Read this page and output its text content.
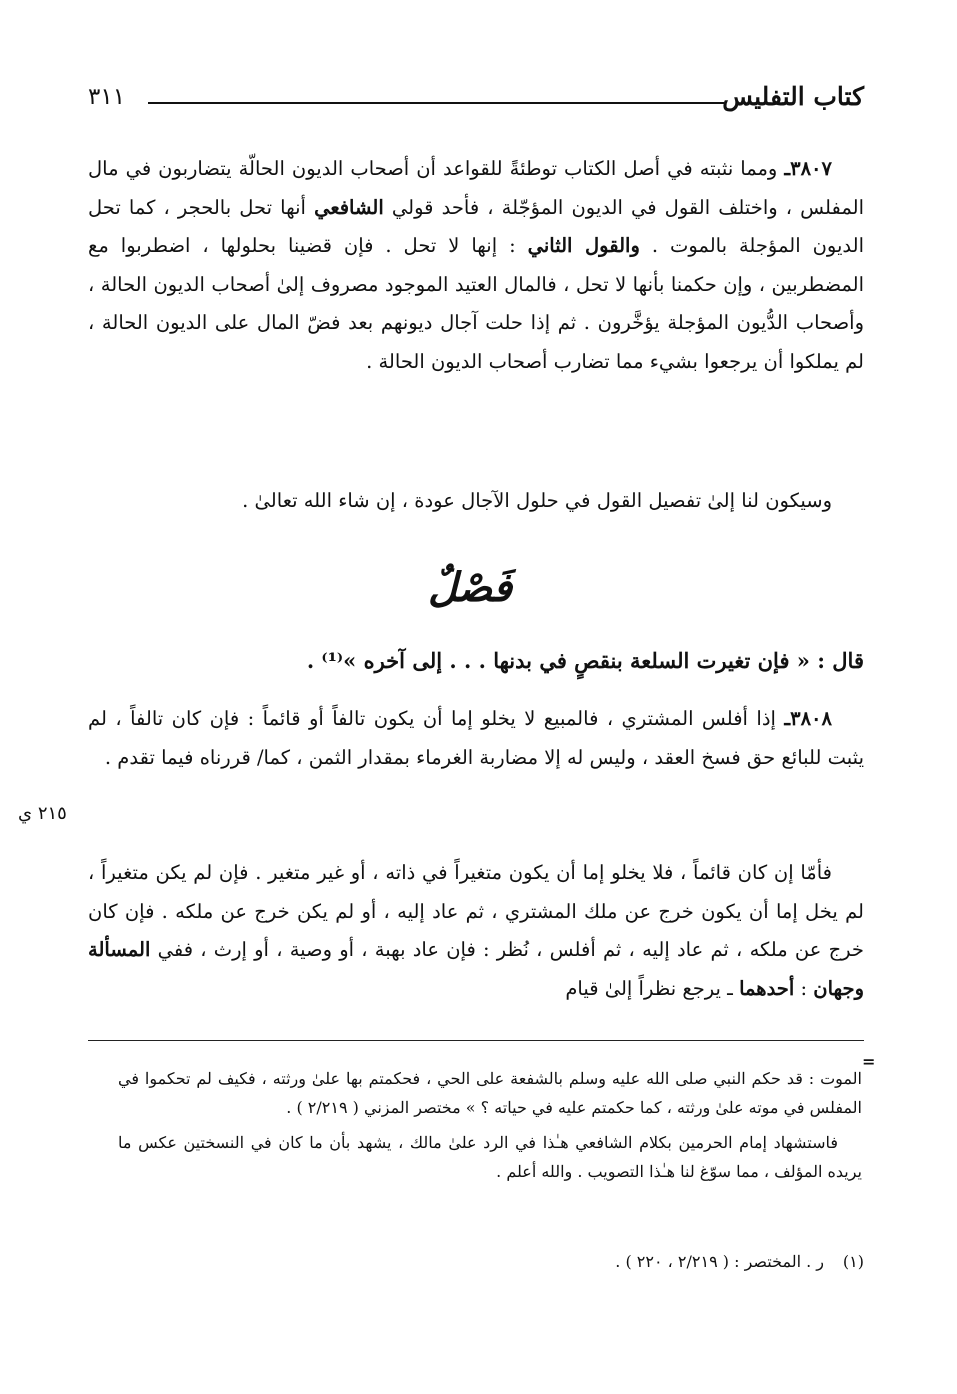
كتاب التفليس
٣١١

٣٨٠٧ـ ومما نثبته في أصل الكتاب توطئةً للقواعد أن أصحاب الديون الحالّة يتضاربون في مال المفلس ، واختلف القول في الديون المؤجّلة ، فأحد قولي الشافعي أنها تحل بالحجر ، كما تحل الديون المؤجلة بالموت . والقول الثاني : إنها لا تحل . فإن قضينا بحلولها ، اضطربوا مع المضطربين ، وإن حكمنا بأنها لا تحل ، فالمال العتيد الموجود مصروف إلىٰ أصحاب الديون الحالة ، وأصحاب الدُّيون المؤجلة يؤخَّرون . ثم إذا حلت آجال ديونهم بعد فضّ المال على الديون الحالة ، لم يملكوا أن يرجعوا بشيء مما تضارب أصحاب الديون الحالة .

وسيكون لنا إلىٰ تفصيل القول في حلول الآجال عودة ، إن شاء الله تعالىٰ .

فَصْلٌ

قال : « فإن تغيرت السلعة بنقصٍ في بدنها . . . إلى آخره »⁽¹⁾ .

٣٨٠٨ـ إذا أفلس المشتري ، فالمبيع لا يخلو إما أن يكون تالفاً أو قائماً : فإن كان تالفاً ، لم يثبت للبائع حق فسخ العقد ، وليس له إلا مضاربة الغرماء بمقدار الثمن ، كما/ قررناه فيما تقدم .

٢١٥ ي

فأمّا إن كان قائماً ، فلا يخلو إما أن يكون متغيراً في ذاته ، أو غير متغير . فإن لم يكن متغيراً ، لم يخل إما أن يكون خرج عن ملك المشتري ، ثم عاد إليه ، أو لم يكن خرج عن ملكه . فإن كان خرج عن ملكه ، ثم عاد إليه ، ثم أفلس ، نُظر : فإن عاد بهبة ، أو وصية ، أو إرث ، ففي المسألة وجهان : أحدهما ـ يرجع نظراً إلىٰ قيام

=

الموت : قد حكم النبي صلى الله عليه وسلم بالشفعة على الحي ، فحكمتم بها علىٰ ورثته ، فكيف لم تحكموا في المفلس في موته علىٰ ورثته ، كما حكمتم عليه في حياته ؟ » مختصر المزني ( ٢/٢١٩ ) .

فاستشهاد إمام الحرمين بكلام الشافعي هـٰذا في الرد علىٰ مالك ، يشهد بأن ما كان في النسختين عكس ما يريده المؤلف ، مما سوّغ لنا هـٰذا التصويب . والله أعلم .

(١)
ر . المختصر : ( ٢/٢١٩ ، ٢٢٠ ) .
